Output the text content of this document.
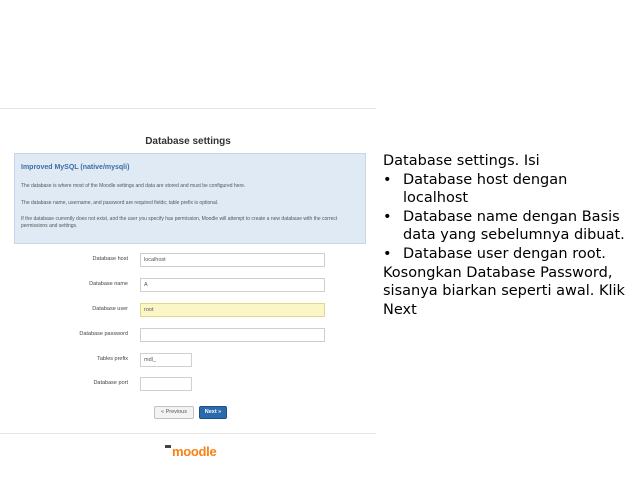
Database settings
Improved MySQL (native/mysqli)
The database is where most of the Moodle settings and data are stored and must be configured here.
The database name, username, and password are required fields; table prefix is optional.
If the database currently does not exist, and the user you specify has permission, Moodle will attempt to create a new database with the correct permissions and settings.
Database host	localhost
Database name	A
Database user	root
Database password
Tables prefix	mdl_
Database port
« Previous	Next »
moodle
Database settings. Isi
• Database host dengan localhost
• Database name dengan Basis data yang sebelumnya dibuat.
• Database user dengan root.
Kosongkan Database Password, sisanya biarkan seperti awal. Klik Next
